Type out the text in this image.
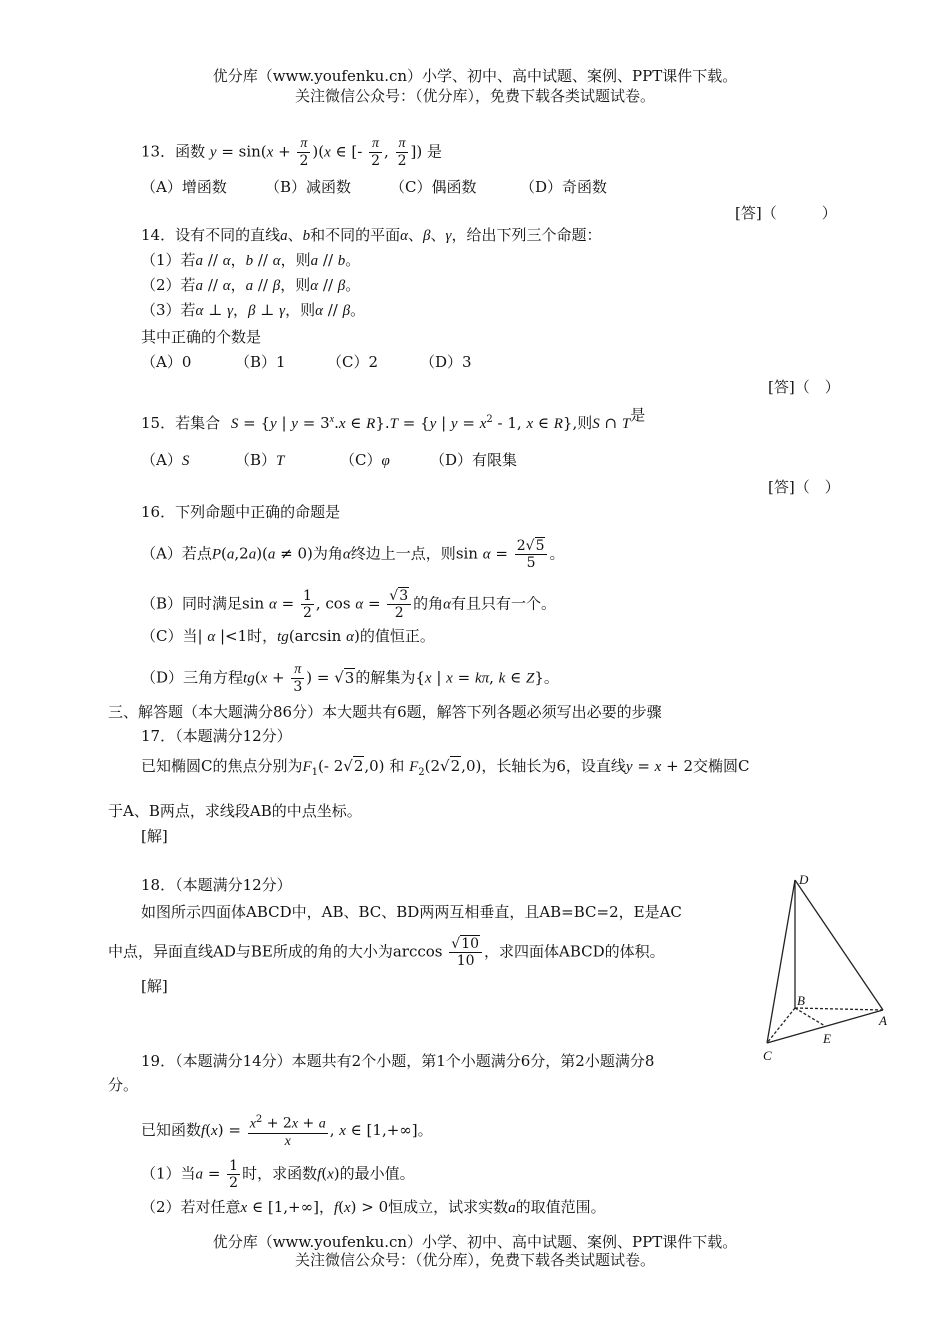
优分库（www.youfenku.cn）小学、初中、高中试题、案例、PPT课件下载。
关注微信公众号：（优分库），免费下载各类试题试卷。
13．函数 $y = \sin(x + \frac{\pi}{2} )(x$ ∈ [- $\frac{\pi}{2}$ , $\frac{\pi}{2}$ ]) 是
（A）增函数	（B）减函数	（C）偶函数	（D）奇函数
[答]（　　　）
14．设有不同的直线a、b和不同的平面α、β、γ，给出下列三个命题：
（1）若a // α，b // α，则a // b。
（2）若a // α，a // β，则α // β。
（3）若α ⊥ γ，β ⊥ γ，则α // β。
其中正确的个数是
（A）0	（B）1	（C）2	（D）3
[答]（　）
15．若集合 S = {y | $y = 3^x.x$ ∈ R}.T = {y | $y = x^2 - 1$, x ∈ R},则S ∩ T是
（A）S	（B）T	（C）φ	（D）有限集
[答]（　）
16．下列命题中正确的命题是
（A）若点P(a,2a)(a ≠ 0)为角α终边上一点，则$\sin \alpha = \frac{2√5}{5}$ 。
（B）同时满足$\sin \alpha = \frac{1}{2}$ , $\cos \alpha = \frac{√3}{2}$ 的角α有且只有一个。
（C）当| α |<1时，tg(arcsin α)的值恒正。
（D）三角方程$tg(x + \frac{\pi}{3}$ ) = √3的解集为{x | x = kπ, k ∈ Z}。
三、解答题（本大题满分86分）本大题共有6题，解答下列各题必须写出必要的步骤
17．（本题满分12分）
已知椭圆C的焦点分别为$F_1(-$ 2√2,0) 和 $F_2(2√2,0)$，长轴长为6，设直线y = x + 2交椭圆C
于A、B两点，求线段AB的中点坐标。
[解]
18．（本题满分12分）
如图所示四面体ABCD中，AB、BC、BD两两互相垂直，且AB=BC=2，E是AC
中点，异面直线AD与BE所成的角的大小为$\arccos \frac{√10}{10}$ ，求四面体ABCD的体积。
[解]
D
B
A
C
E
19．（本题满分14分）本题共有2个小题，第1个小题满分6分，第2小题满分8
分。
已知函数$f(x) = \frac{x^2 + 2x + a}{x}$ , x ∈ [1,+∞]。
（1）当$a = \frac{1}{2}$ 时，求函数f(x)的最小值。
（2）若对任意x ∈ [1,+∞]，f(x) > 0恒成立，试求实数a的取值范围。
优分库（www.youfenku.cn）小学、初中、高中试题、案例、PPT课件下载。
关注微信公众号：（优分库），免费下载各类试题试卷。
